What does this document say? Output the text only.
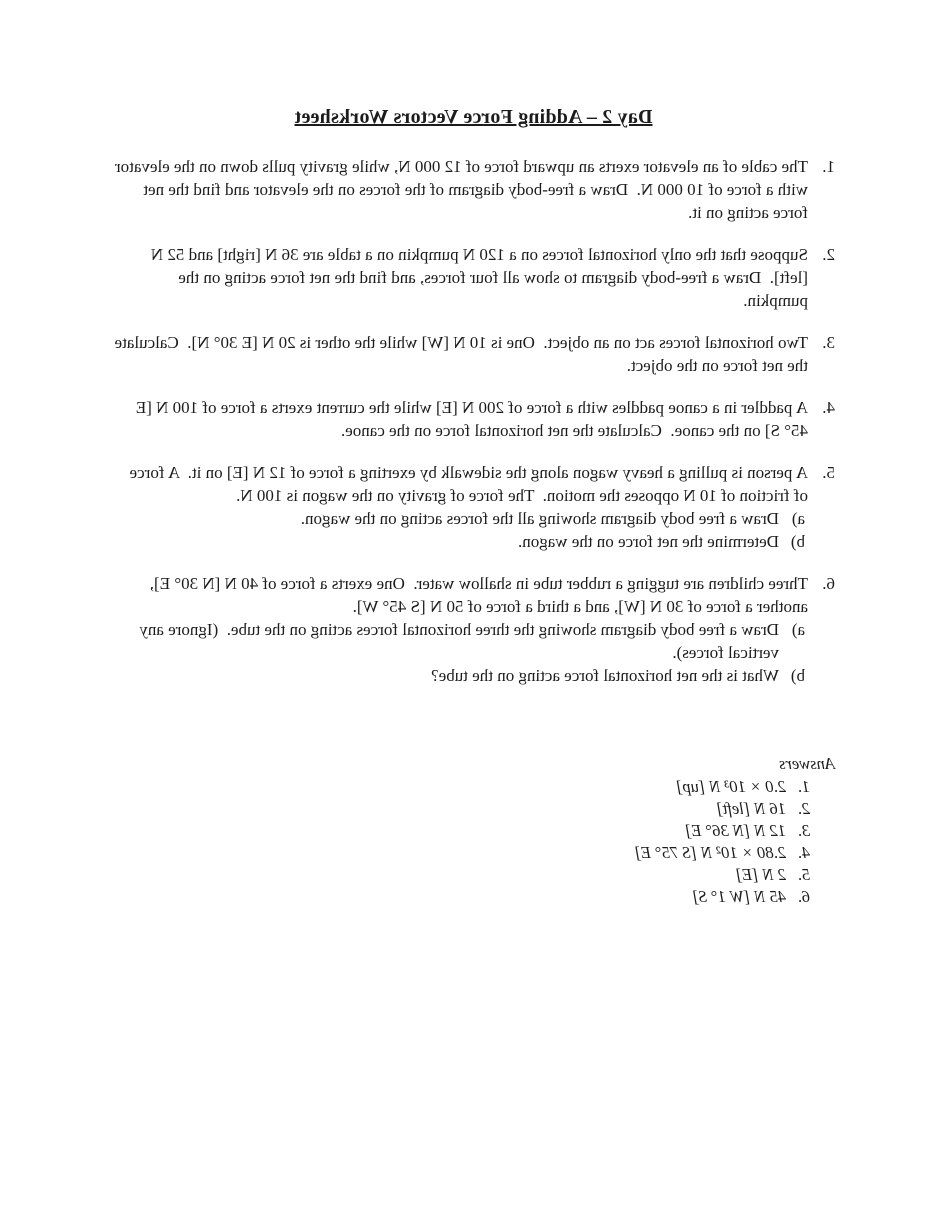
Day 2 – Adding Force Vectors Worksheet
1.
The cable of an elevator exerts an upward force of 12 000 N, while gravity pulls down on the elevator with a force of 10 000 N.  Draw a free-body diagram of the forces on the elevator and find the net force acting on it.
2.
Suppose that the only horizontal forces on a 120 N pumpkin on a table are 36 N [right] and 52 N [left].  Draw a free-body diagram to show all four forces, and find the net force acting on the pumpkin.
3.
Two horizontal forces act on an object.  One is 10 N [W] while the other is 20 N [E 30° N].  Calculate the net force on the object.
4.
A paddler in a canoe paddles with a force of 200 N [E] while the current exerts a force of 100 N [E 45° S] on the canoe.  Calculate the net horizontal force on the canoe.
5.
A person is pulling a heavy wagon along the sidewalk by exerting a force of 12 N [E] on it.  A force of friction of 10 N opposes the motion.  The force of gravity on the wagon is 100 N.
a)
Draw a free body diagram showing all the forces acting on the wagon.
b)
Determine the net force on the wagon.
6.
Three children are tugging a rubber tube in shallow water.  One exerts a force of 40 N [N 30° E], another a force of 30 N [W], and a third a force of 50 N [S 45° W].
a)
Draw a free body diagram showing the three horizontal forces acting on the tube.  (Ignore any vertical forces).
b)
What is the net horizontal force acting on the tube?
Answers
1.
2.0 × 10³ N [up]
2.
16 N [left]
3.
12 N [N 36° E]
4.
2.80 × 10² N [S 75° E]
5.
2 N [E]
6.
45 N [W 1° S]
